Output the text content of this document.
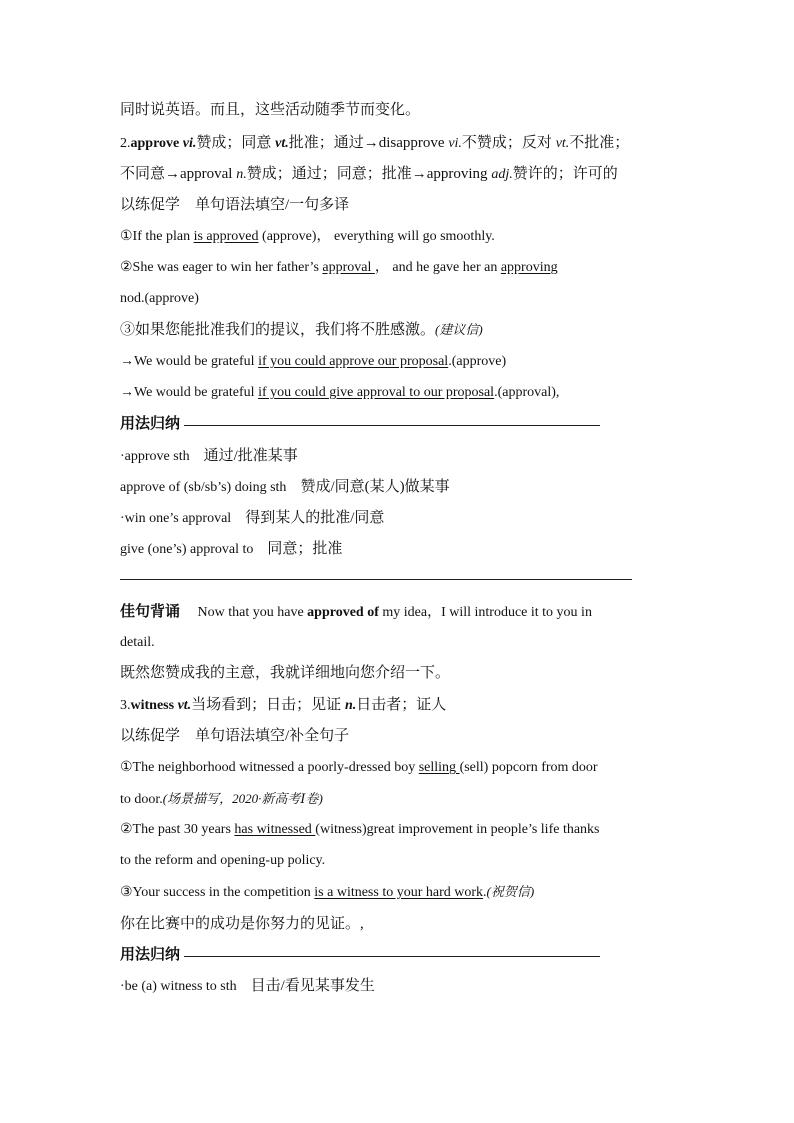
同时说英语。而且，这些活动随季节而变化。
2.approve vi.赞成；同意 vt.批准；通过→disapprove vi.不赞成；反对 vt.不批准；
不同意→approval n.赞成；通过；同意；批准→approving adj.赞许的；许可的
以练促学　单句语法填空/一句多译
①If the plan is approved (approve)， everything will go smoothly.
②She was eager to win her father’s approval ， and he gave her an approving
nod.(approve)
③如果您能批准我们的提议，我们将不胜感激。(建议信)
→We would be grateful if you could approve our proposal.(approve)
→We would be grateful if you could give approval to our proposal.(approval),
用法归纳
·approve sth　 通过/批准某事
approve of (sb/sb’s) doing sth　 赞成/同意(某人)做某事
·win one’s approval　 得到某人的批准/同意
give (one’s) approval to　 同意；批准
佳句背诵　 Now that you have approved of my idea，I will introduce it to you in
detail.
既然您赞成我的主意，我就详细地向您介绍一下。
3.witness vt.当场看到；日击；见证 n.日击者；证人
以练促学　单句语法填空/补全句子
①The neighborhood witnessed a poorly-dressed boy selling (sell) popcorn from door
to door.(场景描写，2020·新高考Ⅰ卷)
②The past 30 years has witnessed (witness)great improvement in people’s life thanks
to the reform and opening-up policy.
③Your success in the competition is a witness to your hard work.(祝贺信)
你在比赛中的成功是你努力的见证。,
用法归纳
·be (a) witness to sth　 目击/看见某事发生
